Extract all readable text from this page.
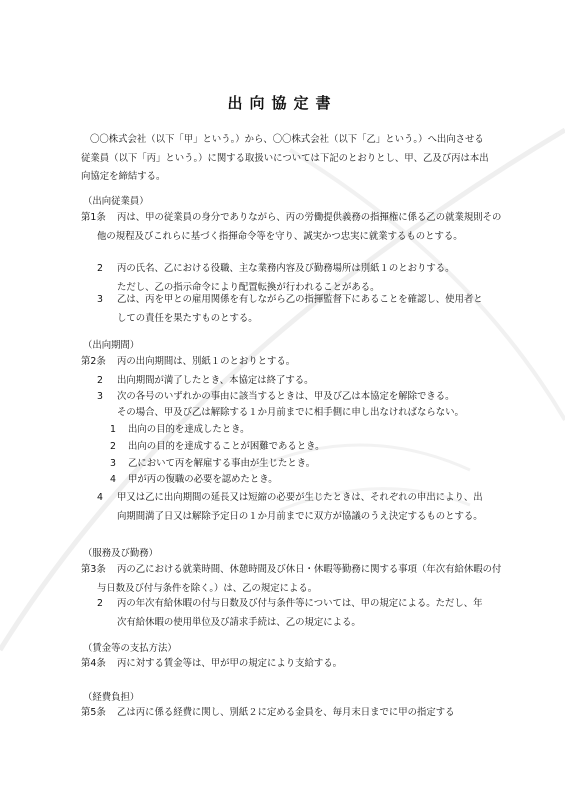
出向協定書

〇〇株式会社（以下「甲」という。）から、〇〇株式会社（以下「乙」という。）へ出向させる従業員（以下「丙」という。）に関する取扱いについては下記のとおりとし、甲、乙及び丙は本出向協定を締結する。

（出向従業員）

第1条 丙は、甲の従業員の身分でありながら、丙の労働提供義務の指揮権に係る乙の就業規則その他の規程及びこれらに基づく指揮命令等を守り、誠実かつ忠実に就業するものとする。

2 丙の氏名、乙における役職、主な業務内容及び勤務場所は別紙１のとおりする。

ただし、乙の指示命令により配置転換が行われることがある。

3 乙は、丙を甲との雇用関係を有しながら乙の指揮監督下にあることを確認し、使用者としての責任を果たすものとする。

（出向期間）

第2条 丙の出向期間は、別紙１のとおりとする。

2 出向期間が満了したとき、本協定は終了する。

3 次の各号のいずれかの事由に該当するときは、甲及び乙は本協定を解除できる。

その場合、甲及び乙は解除する１か月前までに相手側に申し出なければならない。

1 出向の目的を達成したとき。

2 出向の目的を達成することが困難であるとき。

3 乙において丙を解雇する事由が生じたとき。

4 甲が丙の復職の必要を認めたとき。

4 甲又は乙に出向期間の延長又は短縮の必要が生じたときは、それぞれの申出により、出向期間満了日又は解除予定日の１か月前までに双方が協議のうえ決定するものとする。

（服務及び勤務）

第3条 丙の乙における就業時間、休憩時間及び休日・休暇等勤務に関する事項（年次有給休暇の付与日数及び付与条件を除く。）は、乙の規定による。

2 丙の年次有給休暇の付与日数及び付与条件等については、甲の規定による。ただし、年次有給休暇の使用単位及び請求手続は、乙の規定による。

（賃金等の支払方法）

第4条 丙に対する賃金等は、甲が甲の規定により支給する。

（経費負担）

第5条 乙は丙に係る経費に関し、別紙２に定める金員を、毎月末日までに甲の指定する
